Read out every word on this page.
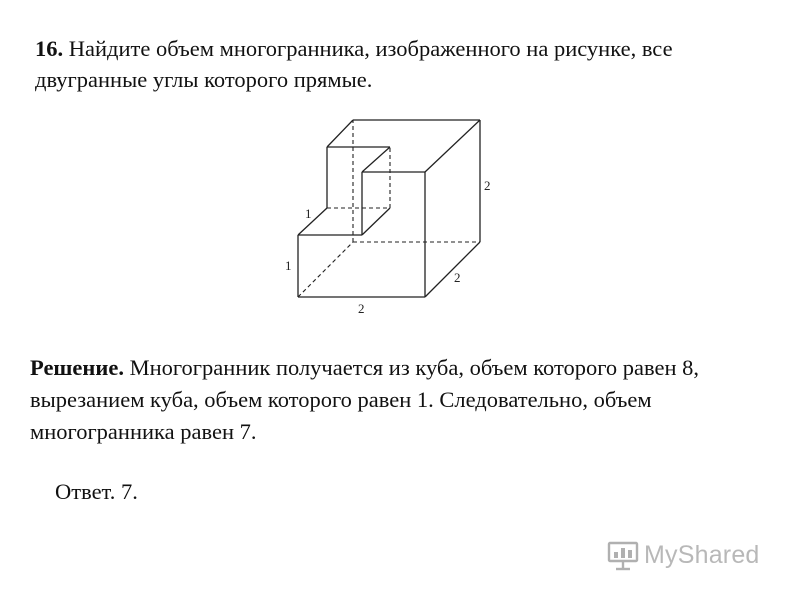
16. Найдите объем многогранника, изображенного на рисунке, все двугранные углы которого прямые.
1
1
2
2
2
Решение. Многогранник получается из куба, объем которого равен 8, вырезанием куба, объем которого равен 1. Следовательно, объем многогранника равен 7.
Ответ. 7.
MyShared
